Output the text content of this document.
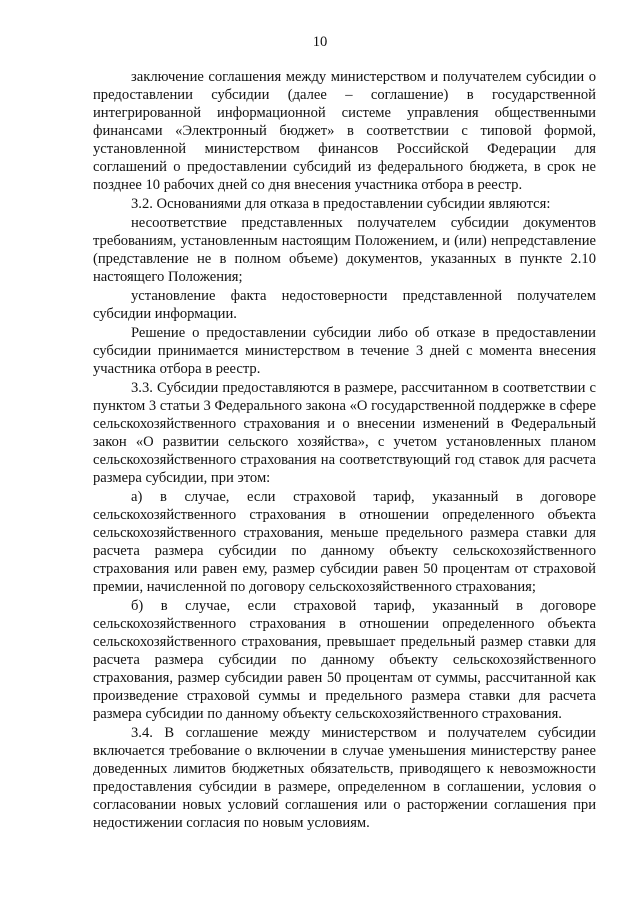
10

заключение соглашения между министерством и получателем субсидии о предоставлении субсидии (далее – соглашение) в государственной интегрированной информационной системе управления общественными финансами «Электронный бюджет» в соответствии с типовой формой, установленной министерством финансов Российской Федерации для соглашений о предоставлении субсидий из федерального бюджета, в срок не позднее 10 рабочих дней со дня внесения участника отбора в реестр.

3.2. Основаниями для отказа в предоставлении субсидии являются:

несоответствие представленных получателем субсидии документов требованиям, установленным настоящим Положением, и (или) непредставление (представление не в полном объеме) документов, указанных в пункте 2.10 настоящего Положения;

установление факта недостоверности представленной получателем субсидии информации.

Решение о предоставлении субсидии либо об отказе в предоставлении субсидии принимается министерством в течение 3 дней с момента внесения участника отбора в реестр.

3.3. Субсидии предоставляются в размере, рассчитанном в соответствии с пунктом 3 статьи 3 Федерального закона «О государственной поддержке в сфере сельскохозяйственного страхования и о внесении изменений в Федеральный закон «О развитии сельского хозяйства», с учетом установленных планом сельскохозяйственного страхования на соответствующий год ставок для расчета размера субсидии, при этом:

а) в случае, если страховой тариф, указанный в договоре сельскохозяйственного страхования в отношении определенного объекта сельскохозяйственного страхования, меньше предельного размера ставки для расчета размера субсидии по данному объекту сельскохозяйственного страхования или равен ему, размер субсидии равен 50 процентам от страховой премии, начисленной по договору сельскохозяйственного страхования;

б) в случае, если страховой тариф, указанный в договоре сельскохозяйственного страхования в отношении определенного объекта сельскохозяйственного страхования, превышает предельный размер ставки для расчета размера субсидии по данному объекту сельскохозяйственного страхования, размер субсидии равен 50 процентам от суммы, рассчитанной как произведение страховой суммы и предельного размера ставки для расчета размера субсидии по данному объекту сельскохозяйственного страхования.

3.4. В соглашение между министерством и получателем субсидии включается требование о включении в случае уменьшения министерству ранее доведенных лимитов бюджетных обязательств, приводящего к невозможности предоставления субсидии в размере, определенном в соглашении, условия о согласовании новых условий соглашения или о расторжении соглашения при недостижении согласия по новым условиям.
